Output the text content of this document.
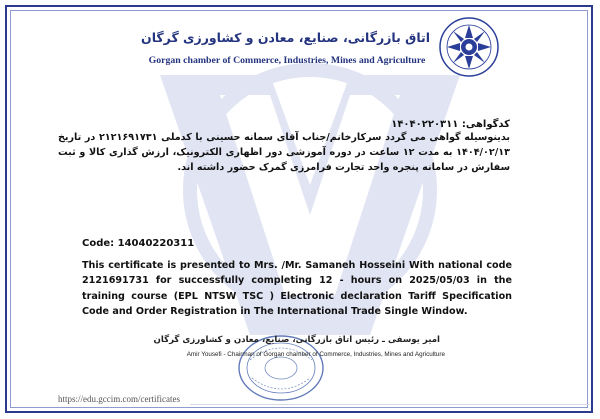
اتاق بازرگانی، صنایع، معادن و کشاورزی گرگان
Gorgan chamber of Commerce, Industries, Mines and Agriculture
کدگواهی: ۱۴۰۴۰۲۲۰۳۱۱
بدینوسیله گواهی می گردد سرکارخانم/جناب آقای سمانه حسینی با کدملی ۲۱۲۱۶۹۱۷۳۱ در تاریخ ۱۴۰۴/۰۲/۱۳ به مدت ۱۲ ساعت در دوره آموزشی دور اظهاری الکترونیک، ارزش گذاری کالا و ثبت سفارش در سامانه پنجره واحد تجارت فرامرزی گمرک حضور داشته اند.
Code: 14040220311
This certificate is presented to Mrs. /Mr. Samaneh Hosseini With national code 2121691731 for successfully completing 12 - hours on 2025/05/03 in the training course (EPL NTSW TSC ) Electronic declaration Tariff Specification Code and Order Registration in The International Trade Single Window.
امیر یوسفی ـ رئیس اتاق بازرگانی، صنایع، معادن و کشاورزی گرگان
Amir Yousefi - Chairman of Gorgan chamber of Commerce, Industries, Mines and Agriculture
https://edu.gccim.com/certificates
